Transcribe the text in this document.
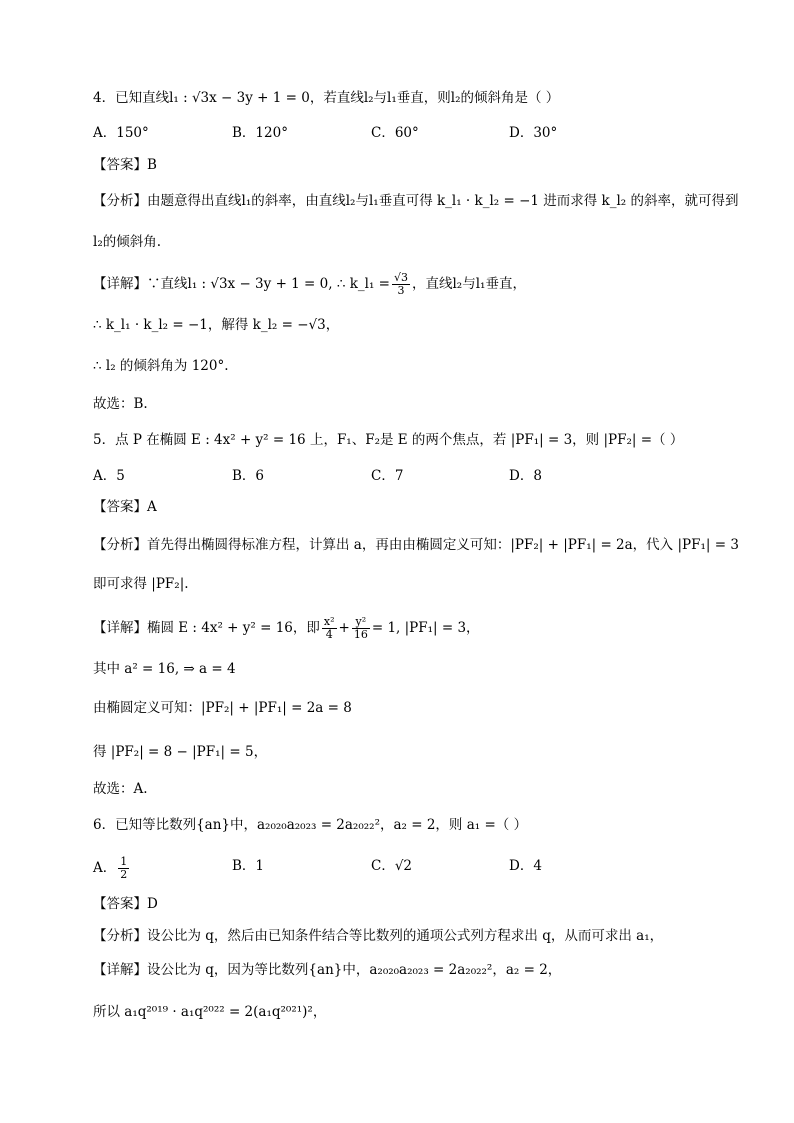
4．已知直线l₁ : √3x − 3y + 1 = 0，若直线l₂与l₁垂直，则l₂的倾斜角是（ ）
A．150°	B．120°	C．60°	D．30°
【答案】B
【分析】由题意得出直线l₁的斜率，由直线l₂与l₁垂直可得 k_l₁ · k_l₂ = −1 进而求得 k_l₂ 的斜率，就可得到
l₂的倾斜角.
【详解】∵直线l₁ : √3x − 3y + 1 = 0, ∴ k_l₁ = $\frac{√3}{3}$ ，直线l₂与l₁垂直，
∴ k_l₁ · k_l₂ = −1，解得 k_l₂ = −√3，
∴ l₂ 的倾斜角为 120°.
故选：B.
5．点 P 在椭圆 E : 4x² + y² = 16 上，F₁、F₂是 E 的两个焦点，若 |PF₁| = 3，则 |PF₂| =（ ）
A．5	B．6	C．7	D．8
【答案】A
【分析】首先得出椭圆得标准方程，计算出 a，再由由椭圆定义可知：|PF₂| + |PF₁| = 2a，代入 |PF₁| = 3
即可求得 |PF₂|.
【详解】椭圆 E : 4x² + y² = 16，即 $\frac{\text{x²}}{4} + \frac{\text{y²}}{16} = 1$, |PF₁| = 3，
其中 a² = 16, ⇒ a = 4
由椭圆定义可知：|PF₂| + |PF₁| = 2a = 8
得 |PF₂| = 8 − |PF₁| = 5，
故选：A.
6．已知等比数列{an}中，a₂₀₂₀a₂₀₂₃ = 2a₂₀₂₂²，a₂ = 2，则 a₁ =（ ）
A． $\frac{1}{2}$	B．1	C．√2	D．4
【答案】D
【分析】设公比为 q，然后由已知条件结合等比数列的通项公式列方程求出 q，从而可求出 a₁，
【详解】设公比为 q，因为等比数列{an}中，a₂₀₂₀a₂₀₂₃ = 2a₂₀₂₂²，a₂ = 2，
所以 a₁q²⁰¹⁹ · a₁q²⁰²² = 2(a₁q²⁰²¹)²，
